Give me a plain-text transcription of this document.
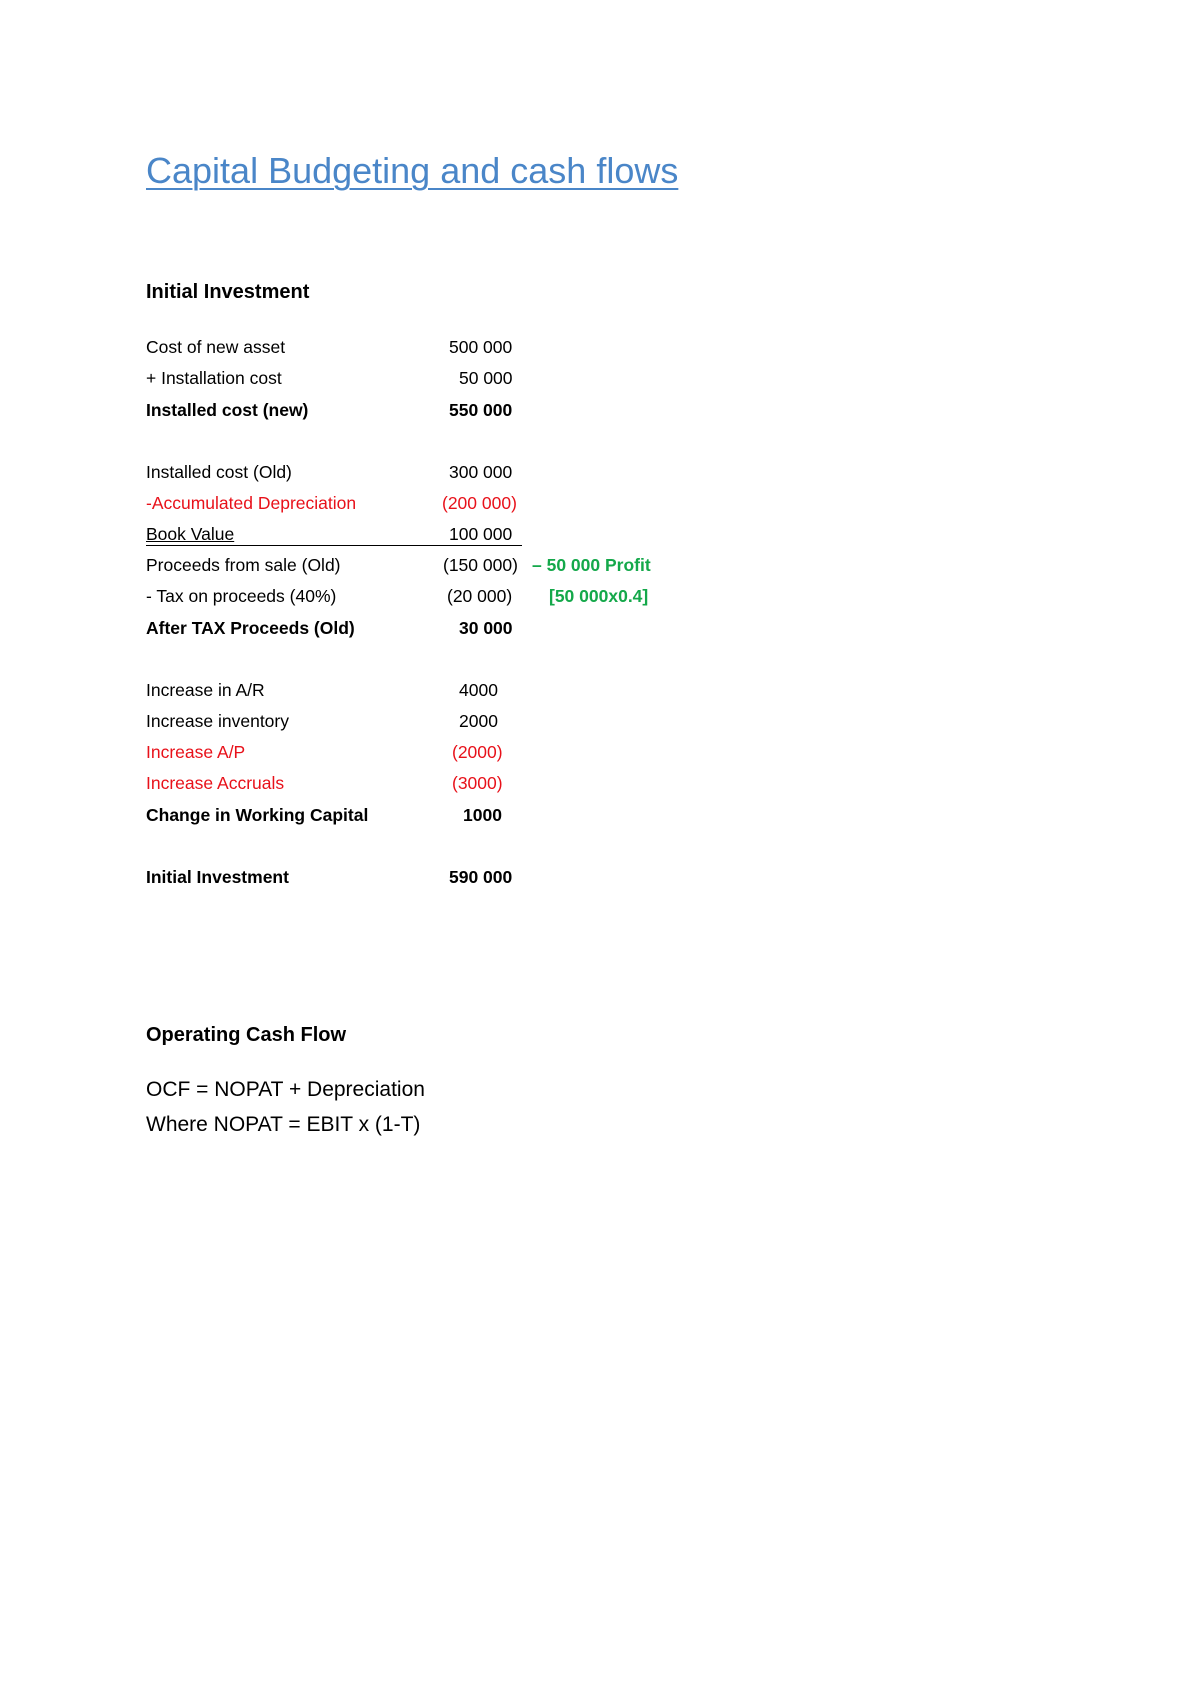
Capital Budgeting and cash flows
Initial Investment
Cost of new asset	500 000
+ Installation cost	50 000
Installed cost (new)	550 000
Installed cost (Old)	300 000
-Accumulated Depreciation	(200 000)
Book Value	100 000
Proceeds from sale (Old)	(150 000) – 50 000 Profit
- Tax on proceeds (40%)	(20 000)	[50 000x0.4]
After TAX Proceeds (Old)	30 000
Increase in A/R	4000
Increase inventory	2000
Increase A/P	(2000)
Increase Accruals	(3000)
Change in Working Capital	1000
Initial Investment	590 000
Operating Cash Flow
OCF = NOPAT + Depreciation
Where NOPAT = EBIT x (1-T)
